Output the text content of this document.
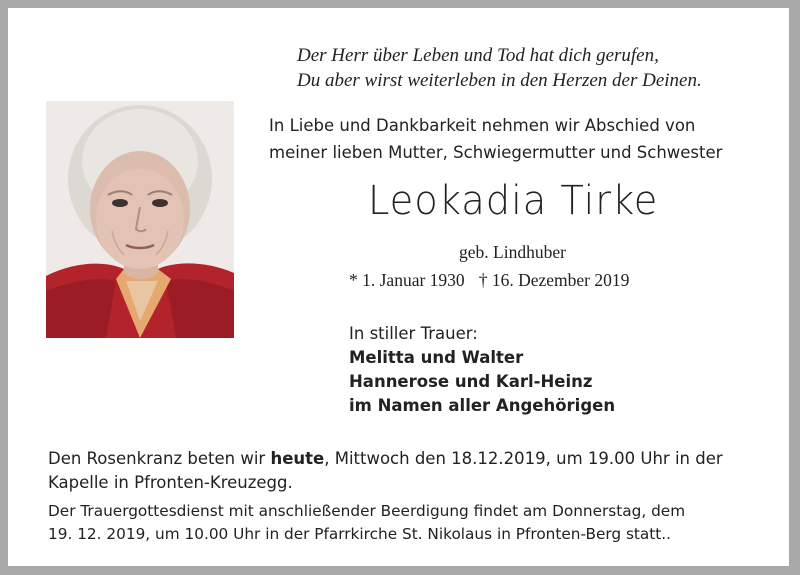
Der Herr über Leben und Tod hat dich gerufen,
Du aber wirst weiterleben in den Herzen der Deinen.
In Liebe und Dankbarkeit nehmen wir Abschied von
meiner lieben Mutter, Schwiegermutter und Schwester
Leokadia Tirke
geb. Lindhuber
* 1. Januar 1930 † 16. Dezember 2019
In stiller Trauer:
Melitta und Walter
Hannerose und Karl-Heinz
im Namen aller Angehörigen
Den Rosenkranz beten wir heute, Mittwoch den 18.12.2019, um 19.00 Uhr in der
Kapelle in Pfronten-Kreuzegg.
Der Trauergottesdienst mit anschließender Beerdigung findet am Donnerstag, dem
19. 12. 2019, um 10.00 Uhr in der Pfarrkirche St. Nikolaus in Pfronten-Berg statt..
